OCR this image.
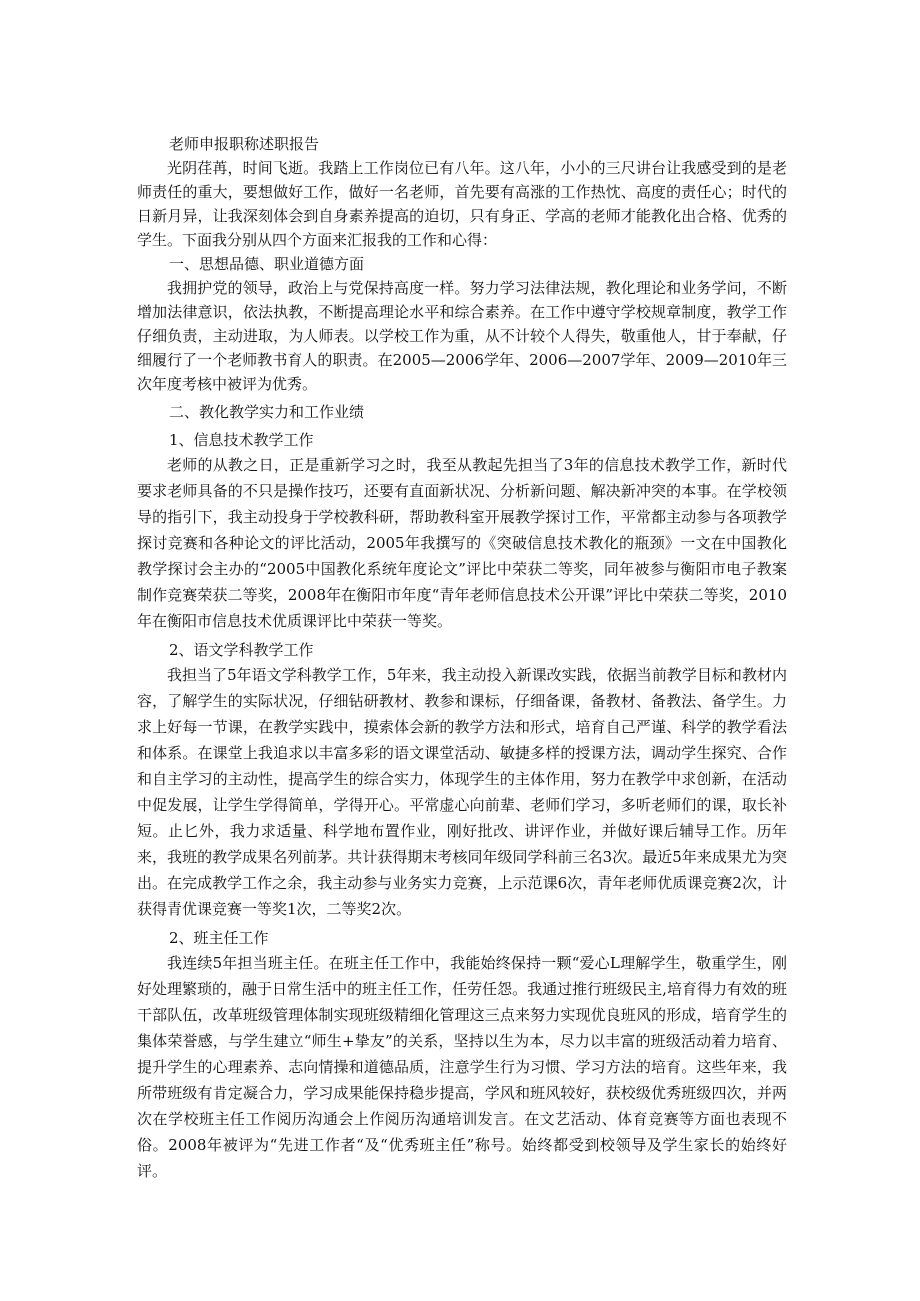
老师申报职称述职报告

光阴荏苒，时间飞逝。我踏上工作岗位已有八年。这八年，小小的三尺讲台让我感受到的是老师责任的重大，要想做好工作，做好一名老师，首先要有高涨的工作热忱、高度的责任心；时代的日新月异，让我深刻体会到自身素养提高的迫切，只有身正、学高的老师才能教化出合格、优秀的学生。下面我分别从四个方面来汇报我的工作和心得：

一、思想品德、职业道德方面

我拥护党的领导，政治上与党保持高度一样。努力学习法律法规，教化理论和业务学问，不断增加法律意识，依法执教，不断提高理论水平和综合素养。在工作中遵守学校规章制度，教学工作仔细负责，主动进取，为人师表。以学校工作为重，从不计较个人得失，敬重他人，甘于奉献，仔细履行了一个老师教书育人的职责。在2005—2006学年、2006—2007学年、2009—2010年三次年度考核中被评为优秀。

二、教化教学实力和工作业绩

1、信息技术教学工作

老师的从教之日，正是重新学习之时，我至从教起先担当了3年的信息技术教学工作，新时代要求老师具备的不只是操作技巧，还要有直面新状况、分析新问题、解决新冲突的本事。在学校领导的指引下，我主动投身于学校教科研，帮助教科室开展教学探讨工作，平常都主动参与各项教学探讨竞赛和各种论文的评比活动，2005年我撰写的《突破信息技术教化的瓶颈》一文在中国教化教学探讨会主办的“2005中国教化系统年度论文”评比中荣获二等奖，同年被参与衡阳市电子教案制作竞赛荣获二等奖，2008年在衡阳市年度“青年老师信息技术公开课”评比中荣获二等奖，2010年在衡阳市信息技术优质课评比中荣获一等奖。

2、语文学科教学工作

我担当了5年语文学科教学工作，5年来，我主动投入新课改实践，依据当前教学目标和教材内容，了解学生的实际状况，仔细钻研教材、教参和课标，仔细备课，备教材、备教法、备学生。力求上好每一节课，在教学实践中，摸索体会新的教学方法和形式，培育自己严谨、科学的教学看法和体系。在课堂上我追求以丰富多彩的语文课堂活动、敏捷多样的授课方法，调动学生探究、合作和自主学习的主动性，提高学生的综合实力，体现学生的主体作用，努力在教学中求创新，在活动中促发展，让学生学得简单，学得开心。平常虚心向前辈、老师们学习，多听老师们的课，取长补短。止匕外，我力求适量、科学地布置作业，刚好批改、讲评作业，并做好课后辅导工作。历年来，我班的教学成果名列前茅。共计获得期末考核同年级同学科前三名3次。最近5年来成果尤为突出。在完成教学工作之余，我主动参与业务实力竞赛，上示范课6次，青年老师优质课竞赛2次，计获得青优课竞赛一等奖1次，二等奖2次。

2、班主任工作

我连续5年担当班主任。在班主任工作中，我能始终保持一颗“爱心L理解学生，敬重学生，刚好处理繁琐的，融于日常生活中的班主任工作，任劳任怨。我通过推行班级民主,培育得力有效的班干部队伍，改革班级管理体制实现班级精细化管理这三点来努力实现优良班风的形成，培育学生的集体荣誉感，与学生建立“师生+挚友”的关系，坚持以生为本，尽力以丰富的班级活动着力培育、提升学生的心理素养、志向情操和道德品质，注意学生行为习惯、学习方法的培育。这些年来，我所带班级有肯定凝合力，学习成果能保持稳步提高，学风和班风较好，获校级优秀班级四次，并两次在学校班主任工作阅历沟通会上作阅历沟通培训发言。在文艺活动、体育竞赛等方面也表现不俗。2008年被评为“先进工作者“及“优秀班主任”称号。始终都受到校领导及学生家长的始终好评。
